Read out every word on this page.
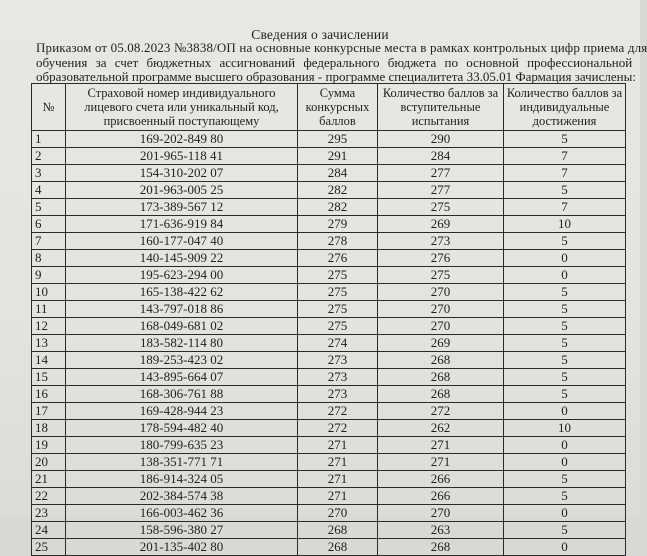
Сведения о зачислении
Приказом от 05.08.2023 №3838/ОП на основные конкурсные места в рамках контрольных цифр приема для
обучения за счет бюджетных ассигнований федерального бюджета по основной профессиональной
образовательной программе высшего образования - программе специалитета 33.05.01 Фармация зачислены:
№	Страховой номер индивидуального лицевого счета или уникальный код, присвоенный поступающему	Сумма конкурсных баллов	Количество баллов за вступительные испытания	Количество баллов за индивидуальные достижения
1	169-202-849 80	295	290	5
2	201-965-118 41	291	284	7
3	154-310-202 07	284	277	7
4	201-963-005 25	282	277	5
5	173-389-567 12	282	275	7
6	171-636-919 84	279	269	10
7	160-177-047 40	278	273	5
8	140-145-909 22	276	276	0
9	195-623-294 00	275	275	0
10	165-138-422 62	275	270	5
11	143-797-018 86	275	270	5
12	168-049-681 02	275	270	5
13	183-582-114 80	274	269	5
14	189-253-423 02	273	268	5
15	143-895-664 07	273	268	5
16	168-306-761 88	273	268	5
17	169-428-944 23	272	272	0
18	178-594-482 40	272	262	10
19	180-799-635 23	271	271	0
20	138-351-771 71	271	271	0
21	186-914-324 05	271	266	5
22	202-384-574 38	271	266	5
23	166-003-462 36	270	270	0
24	158-596-380 27	268	263	5
25	201-135-402 80	268	268	0
